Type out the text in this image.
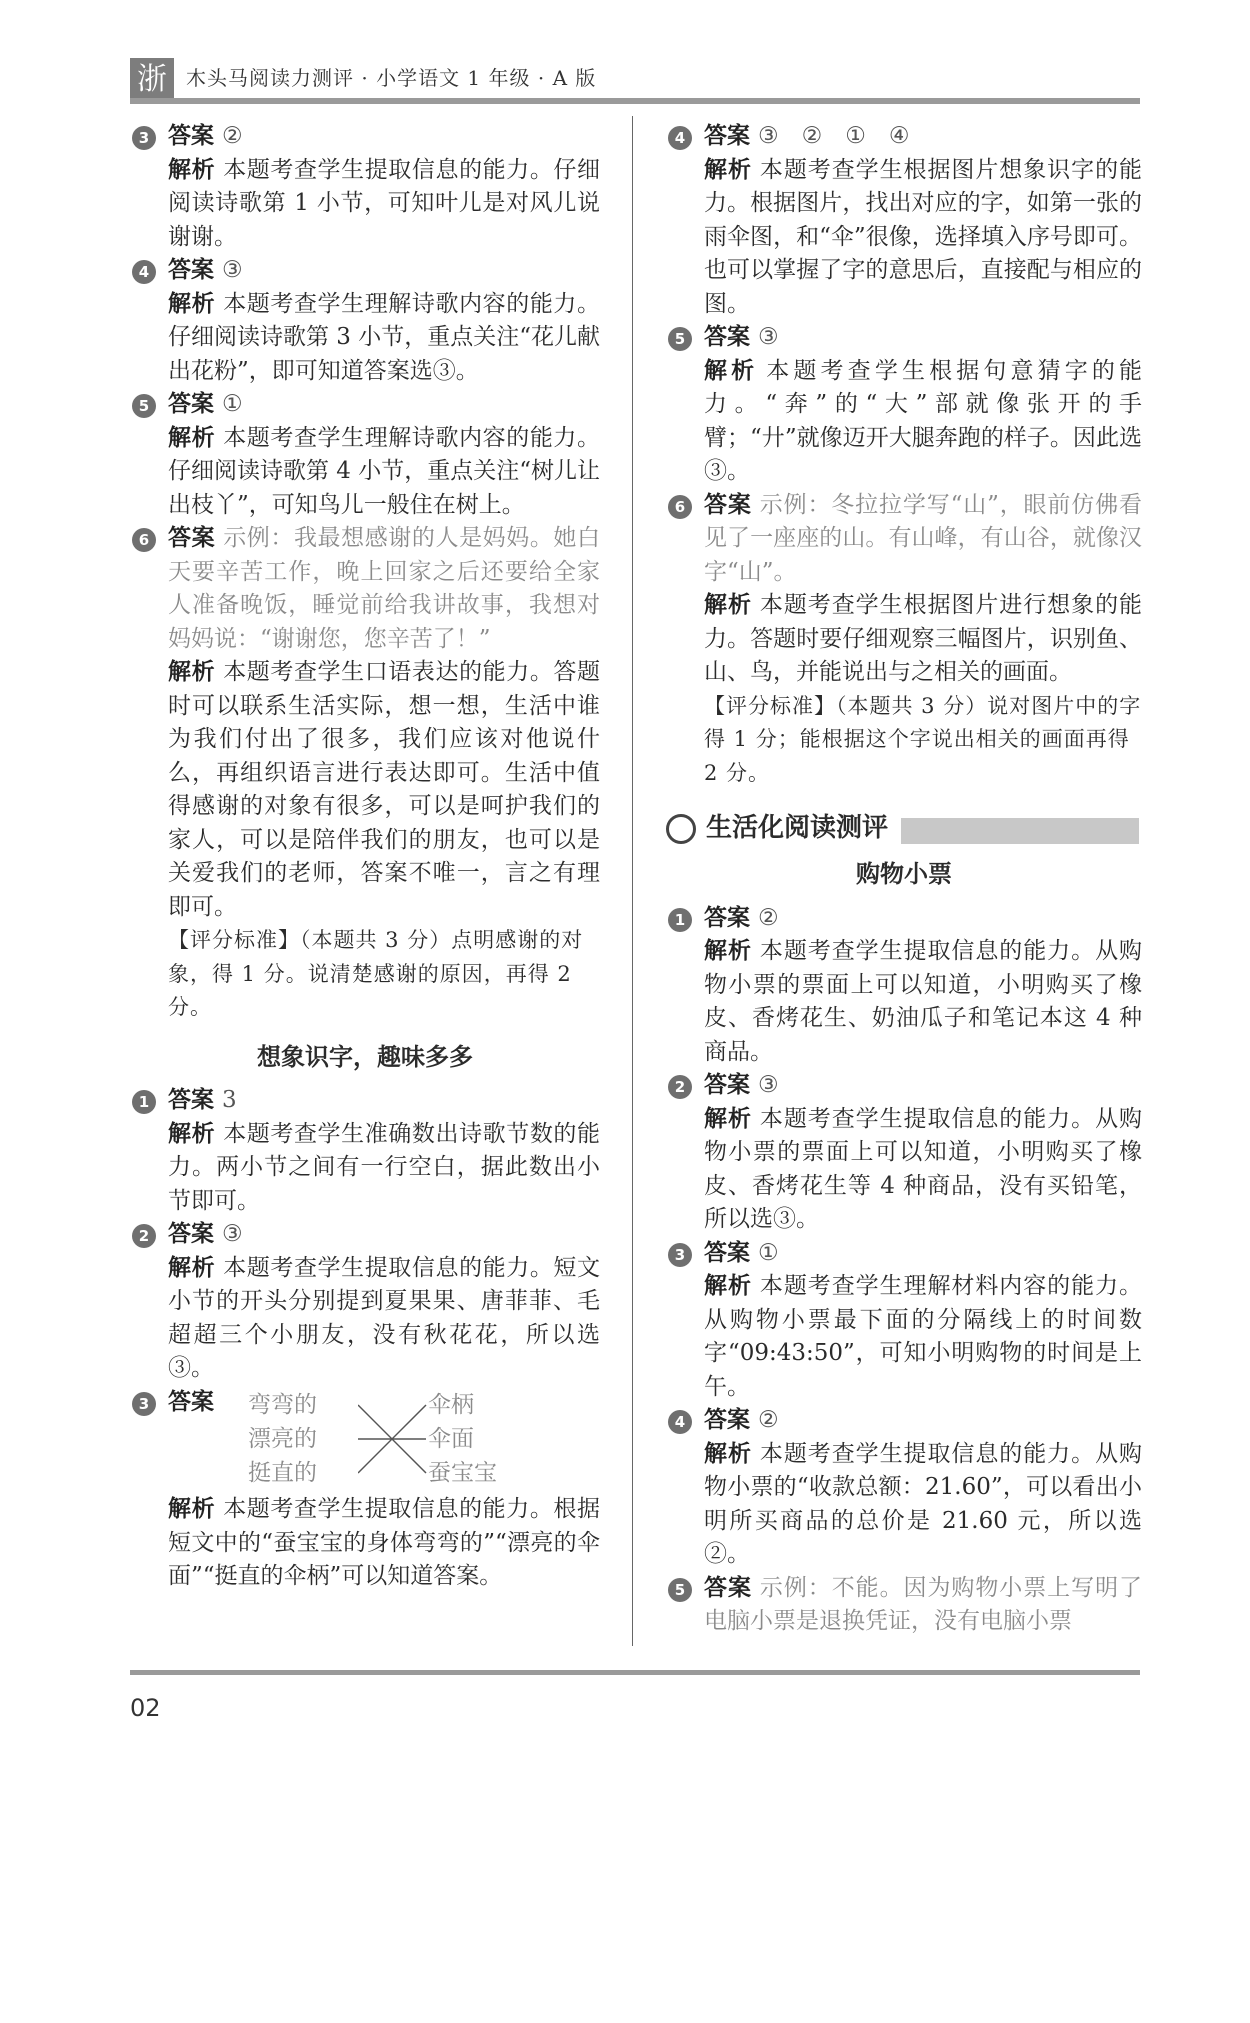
浙 木头马阅读力测评 · 小学语文 1 年级 · A 版
3 答案 ②
解析 本题考查学生提取信息的能力。仔细阅读诗歌第 1 小节，可知叶儿是对风儿说谢谢。
4 答案 ③
解析 本题考查学生理解诗歌内容的能力。仔细阅读诗歌第 3 小节，重点关注“花儿献出花粉”，即可知道答案选③。
5 答案 ①
解析 本题考查学生理解诗歌内容的能力。仔细阅读诗歌第 4 小节，重点关注“树儿让出枝丫”，可知鸟儿一般住在树上。
6 答案 示例：我最想感谢的人是妈妈。她白天要辛苦工作，晚上回家之后还要给全家人准备晚饭，睡觉前给我讲故事，我想对妈妈说：“谢谢您，您辛苦了！”
解析 本题考查学生口语表达的能力。答题时可以联系生活实际，想一想，生活中谁为我们付出了很多，我们应该对他说什么，再组织语言进行表达即可。生活中值得感谢的对象有很多，可以是呵护我们的家人，可以是陪伴我们的朋友，也可以是关爱我们的老师，答案不唯一，言之有理即可。
【评分标准】（本题共 3 分）点明感谢的对象，得 1 分。说清楚感谢的原因，再得 2 分。
想象识字，趣味多多
1 答案 3
解析 本题考查学生准确数出诗歌节数的能力。两小节之间有一行空白，据此数出小节即可。
2 答案 ③
解析 本题考查学生提取信息的能力。短文小节的开头分别提到夏果果、唐菲菲、毛超超三个小朋友，没有秋花花，所以选③。
3 答案	弯弯的
漂亮的
挺直的
伞柄
伞面
蚕宝宝
解析 本题考查学生提取信息的能力。根据短文中的“蚕宝宝的身体弯弯的”“漂亮的伞面”“挺直的伞柄”可以知道答案。
4 答案 ③　②　①　④
解析 本题考查学生根据图片想象识字的能力。根据图片，找出对应的字，如第一张的雨伞图，和“伞”很像，选择填入序号即可。也可以掌握了字的意思后，直接配与相应的图。
5 答案 ③
解析 本题考查学生根据句意猜字的能力。“奔”的“大”部就像张开的手臂；“廾”就像迈开大腿奔跑的样子。因此选③。
6 答案 示例：冬拉拉学写“山”，眼前仿佛看见了一座座的山。有山峰，有山谷，就像汉字“山”。
解析 本题考查学生根据图片进行想象的能力。答题时要仔细观察三幅图片，识别鱼、山、鸟，并能说出与之相关的画面。
【评分标准】（本题共 3 分）说对图片中的字得 1 分；能根据这个字说出相关的画面再得 2 分。
生活化阅读测评
购物小票
1 答案 ②
解析 本题考查学生提取信息的能力。从购物小票的票面上可以知道，小明购买了橡皮、香烤花生、奶油瓜子和笔记本这 4 种商品。
2 答案 ③
解析 本题考查学生提取信息的能力。从购物小票的票面上可以知道，小明购买了橡皮、香烤花生等 4 种商品，没有买铅笔，所以选③。
3 答案 ①
解析 本题考查学生理解材料内容的能力。从购物小票最下面的分隔线上的时间数字“09:43:50”，可知小明购物的时间是上午。
4 答案 ②
解析 本题考查学生提取信息的能力。从购物小票的“收款总额：21.60”，可以看出小明所买商品的总价是 21.60 元，所以选②。
5 答案 示例：不能。因为购物小票上写明了电脑小票是退换凭证，没有电脑小票
02
